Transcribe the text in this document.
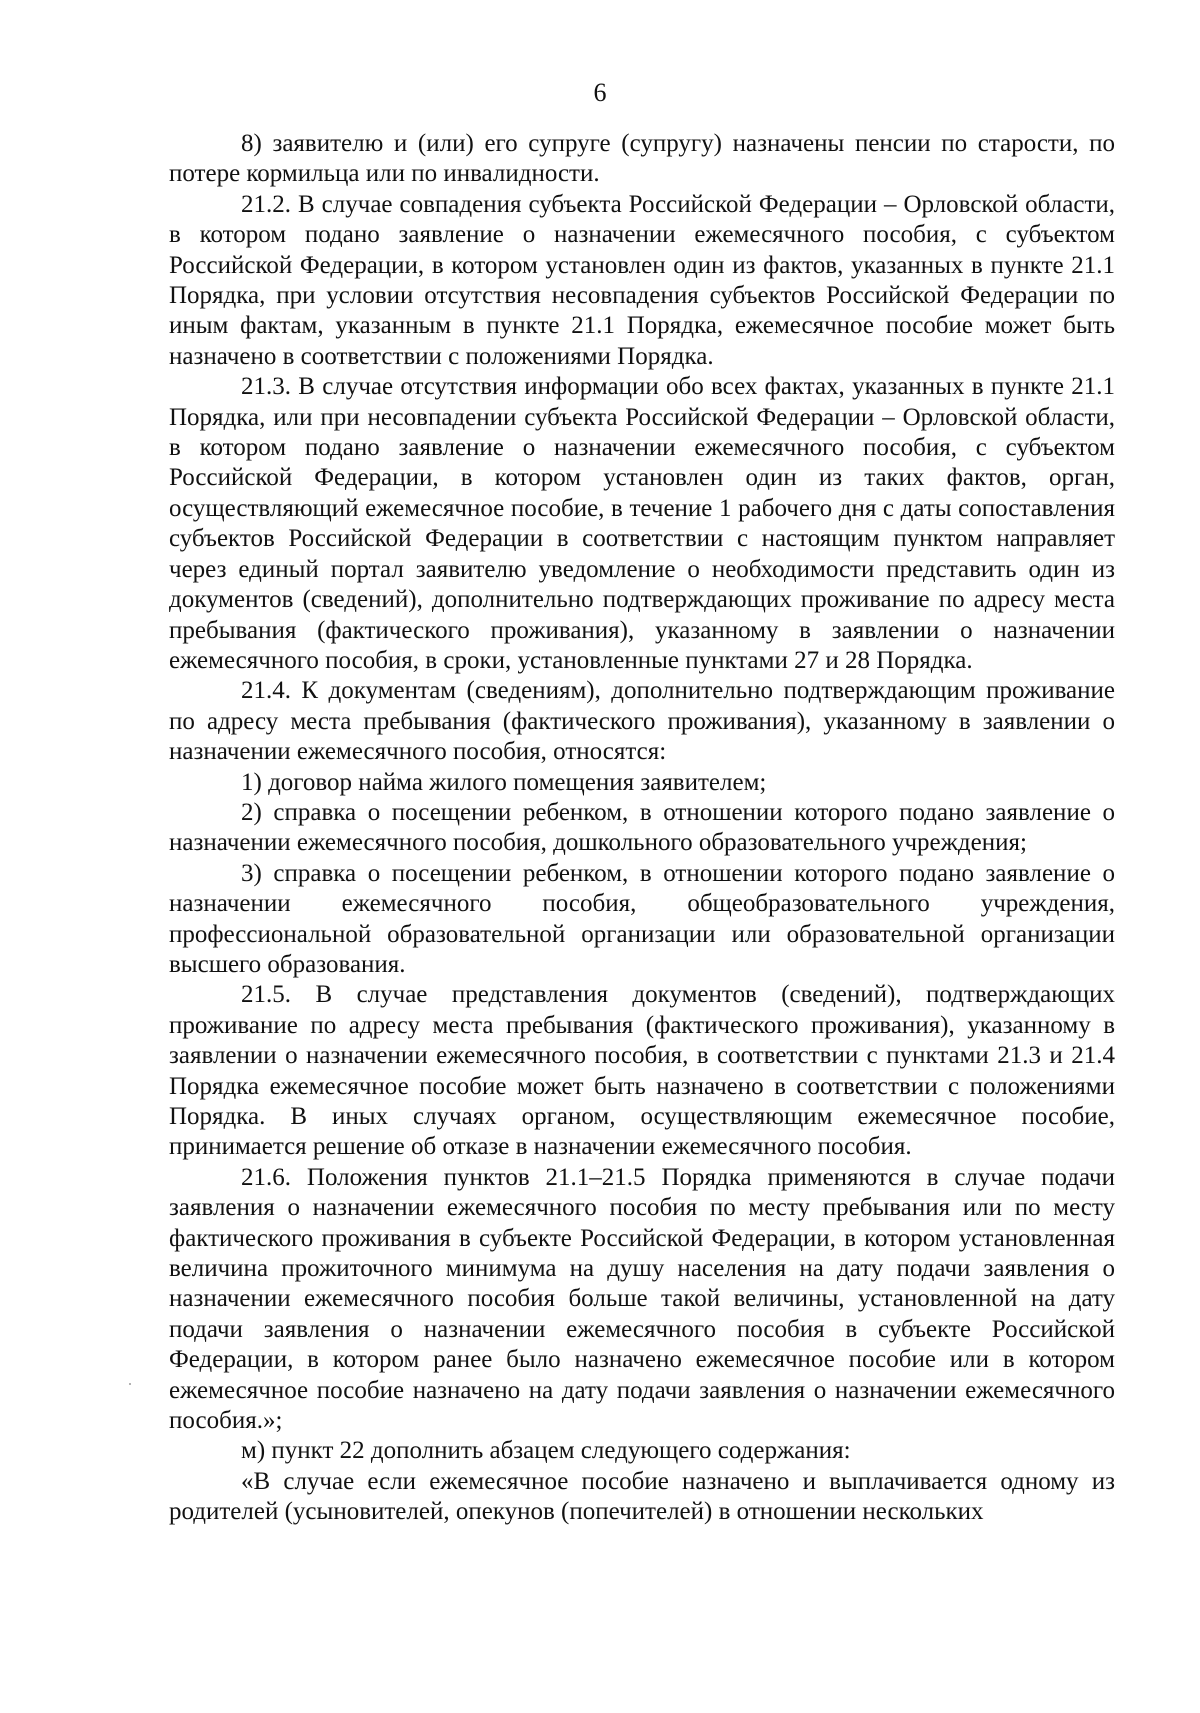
6

8) заявителю и (или) его супруге (супругу) назначены пенсии по старости, по потере кормильца или по инвалидности.

21.2. В случае совпадения субъекта Российской Федерации – Орловской области, в котором подано заявление о назначении ежемесячного пособия, с субъектом Российской Федерации, в котором установлен один из фактов, указанных в пункте 21.1 Порядка, при условии отсутствия несовпадения субъектов Российской Федерации по иным фактам, указанным в пункте 21.1 Порядка, ежемесячное пособие может быть назначено в соответствии с положениями Порядка.

21.3. В случае отсутствия информации обо всех фактах, указанных в пункте 21.1 Порядка, или при несовпадении субъекта Российской Федерации – Орловской области, в котором подано заявление о назначении ежемесячного пособия, с субъектом Российской Федерации, в котором установлен один из таких фактов, орган, осуществляющий ежемесячное пособие, в течение 1 рабочего дня с даты сопоставления субъектов Российской Федерации в соответствии с настоящим пунктом направляет через единый портал заявителю уведомление о необходимости представить один из документов (сведений), дополнительно подтверждающих проживание по адресу места пребывания (фактического проживания), указанному в заявлении о назначении ежемесячного пособия, в сроки, установленные пунктами 27 и 28 Порядка.

21.4. К документам (сведениям), дополнительно подтверждающим проживание по адресу места пребывания (фактического проживания), указанному в заявлении о назначении ежемесячного пособия, относятся:

1) договор найма жилого помещения заявителем;

2) справка о посещении ребенком, в отношении которого подано заявление о назначении ежемесячного пособия, дошкольного образовательного учреждения;

3) справка о посещении ребенком, в отношении которого подано заявление о назначении ежемесячного пособия, общеобразовательного учреждения, профессиональной образовательной организации или образовательной организации высшего образования.

21.5. В случае представления документов (сведений), подтверждающих проживание по адресу места пребывания (фактического проживания), указанному в заявлении о назначении ежемесячного пособия, в соответствии с пунктами 21.3 и 21.4 Порядка ежемесячное пособие может быть назначено в соответствии с положениями Порядка. В иных случаях органом, осуществляющим ежемесячное пособие, принимается решение об отказе в назначении ежемесячного пособия.

21.6. Положения пунктов 21.1–21.5 Порядка применяются в случае подачи заявления о назначении ежемесячного пособия по месту пребывания или по месту фактического проживания в субъекте Российской Федерации, в котором установленная величина прожиточного минимума на душу населения на дату подачи заявления о назначении ежемесячного пособия больше такой величины, установленной на дату подачи заявления о назначении ежемесячного пособия в субъекте Российской Федерации, в котором ранее было назначено ежемесячное пособие или в котором ежемесячное пособие назначено на дату подачи заявления о назначении ежемесячного пособия.»;

м) пункт 22 дополнить абзацем следующего содержания:

«В случае если ежемесячное пособие назначено и выплачивается одному из родителей (усыновителей, опекунов (попечителей) в отношении нескольких
